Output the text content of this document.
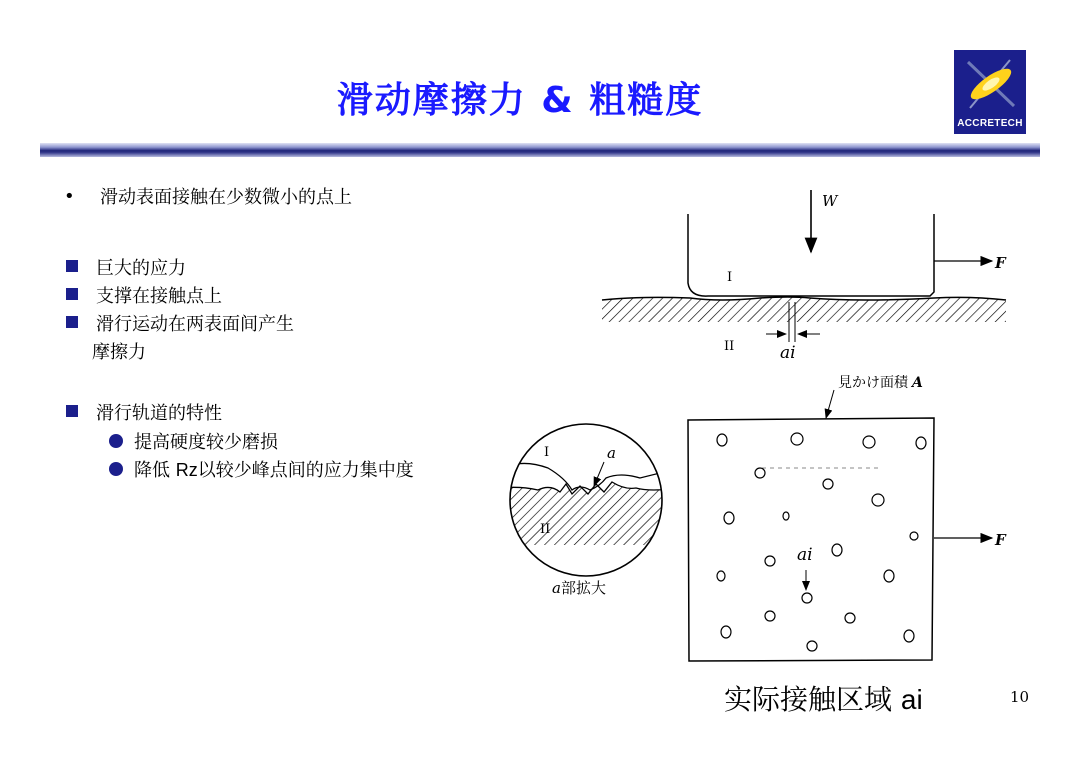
滑动摩擦力 & 粗糙度
ACCRETECH
• 滑动表面接触在少数微小的点上
巨大的应力
支撑在接触点上
滑行运动在两表面间产生
摩擦力
滑行轨道的特性
提高硬度较少磨损
降低 Rz以较少峰点间的应力集中度
W
F
I
II	ai
a
I
II
a部拡大
見かけ面積 A
F
ai
实际接触区域 ai	10
